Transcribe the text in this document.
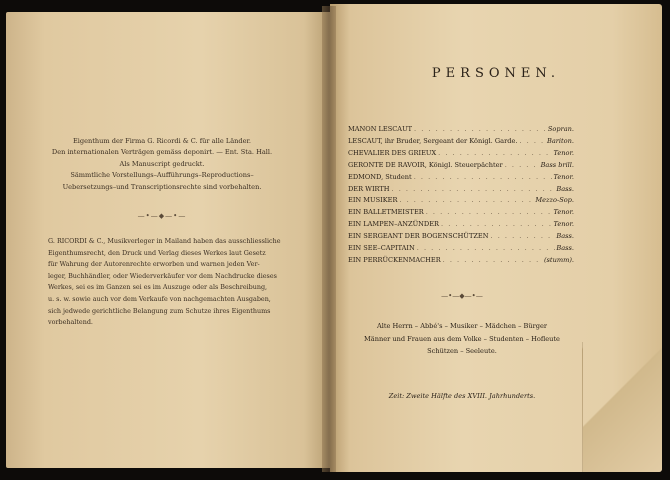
Eigenthum der Firma G. Ricordi & C. für alle Länder.
Den internationalen Verträgen gemäss deponirt. — Ent. Sta. Hall.
Als Manuscript gedruckt.
Sämmtliche Vorstellungs–Aufführungs–Reproductions–
Uebersetzungs–und Transcriptionsrechte sind vorbehalten.
—•—◆—•—
G. RICORDI & C., Musikverleger in Mailand haben das ausschliessliche
Eigenthumsrecht, den Druck und Verlag dieses Werkes laut Gesetz
für Wahrung der Autorenrechte erworben und warnen jeden Ver-
leger, Buchhändler, oder Wiederverkäufer vor dem Nachdrucke dieses
Werkes, sei es im Ganzen sei es im Auszuge oder als Beschreibung,
u. s. w. sowie auch vor dem Verkaufe von nachgemachten Ausgaben,
sich jedwede gerichtliche Belangung zum Schutze ihres Eigenthums
vorbehaltend.
PERSONEN.
MANON LESCAUT . . .	Sopran.
LESCAUT, ihr Bruder, Sergeant der Königl. Garde. . . .	Bariton.
CHEVALIER DES GRIEUX . . .	Tenor.
GERONTE DE RAVOIR, Königl. Steuerpächter . . .	Bass brill.
EDMOND, Student . . .	Tenor.
DER WIRTH . . .	Bass.
EIN MUSIKER . . .	Mezzo-Sop.
EIN BALLETMEISTER . . .	Tenor.
EIN LAMPEN–ANZÜNDER . . .	Tenor.
EIN SERGEANT DER BOGENSCHÜTZEN . . .	Bass.
EIN SEE–CAPITAIN . . .	Bass.
EIN PERRÜCKENMACHER . . .	(stumm).
—•—◆—•—
Alte Herrn – Abbé's – Musiker – Mädchen – Bürger
Männer und Frauen aus dem Volke – Studenten – Hofleute
Schützen – Seeleute.
Zeit: Zweite Hälfte des XVIII. Jahrhunderts.
